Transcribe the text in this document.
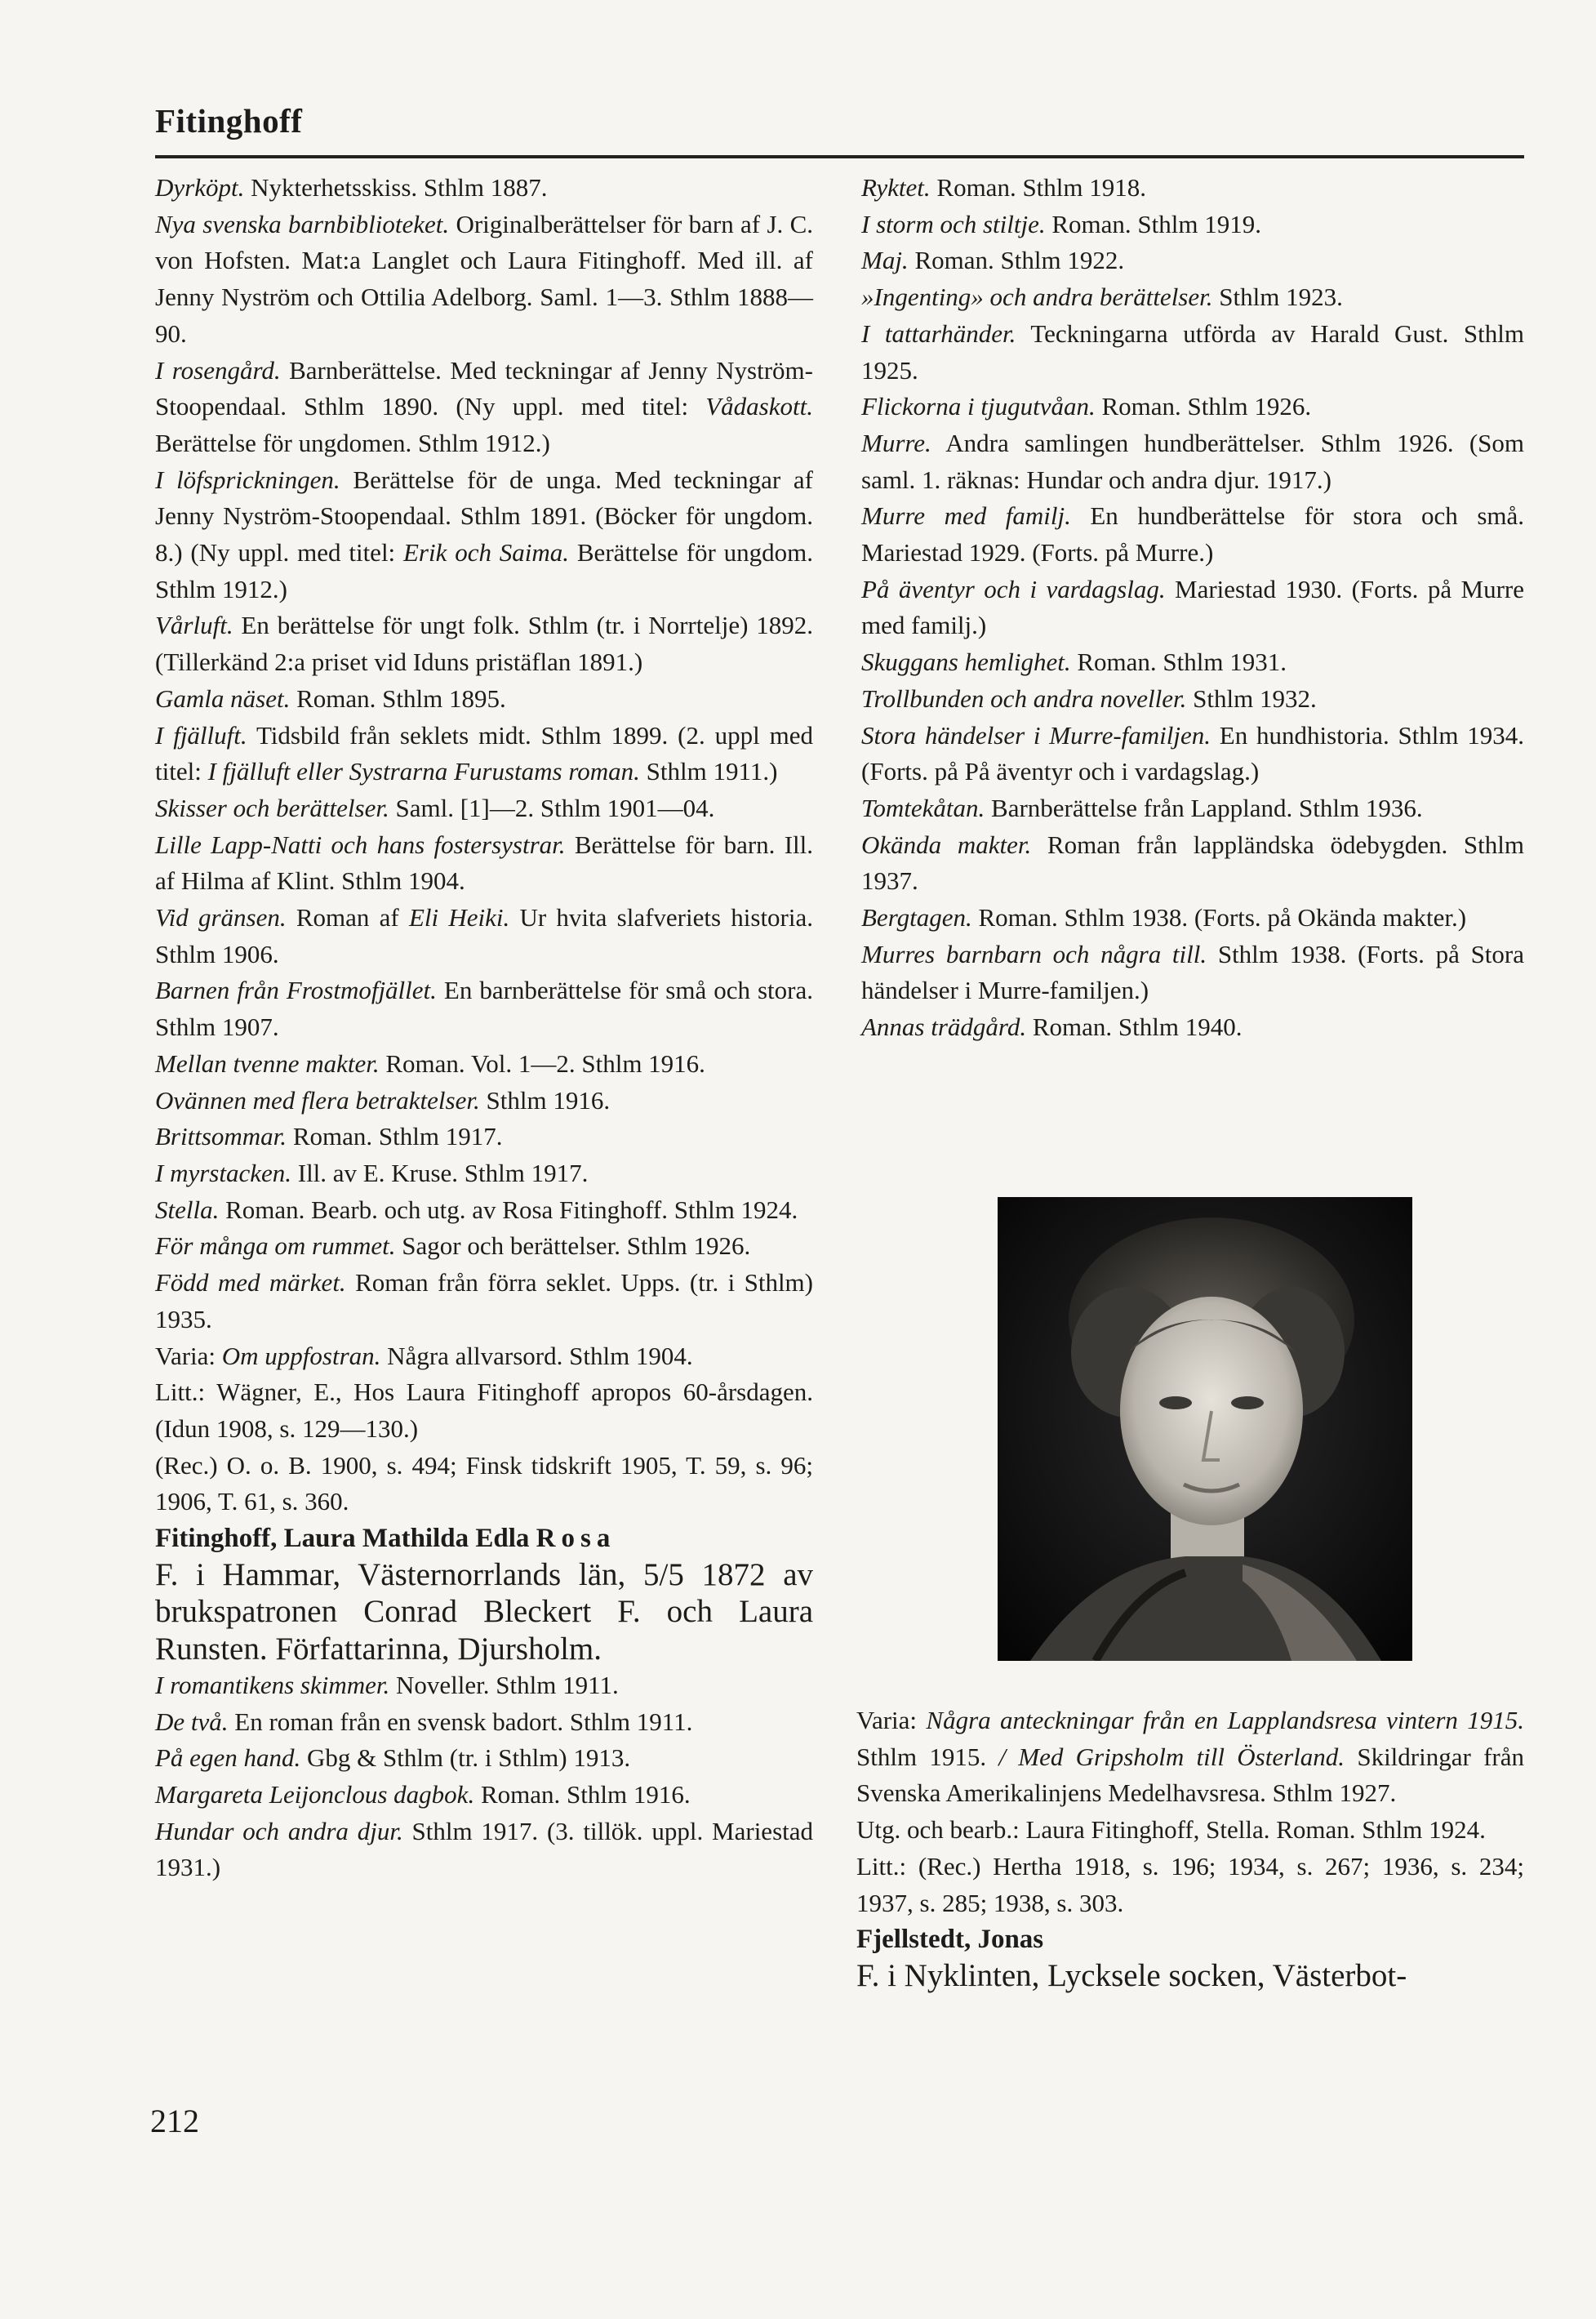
Fitinghoff
Dyrköpt. Nykterhetsskiss. Sthlm 1887.
Nya svenska barnbiblioteket. Originalberättelser för barn af J. C. von Hofsten. Mat:a Langlet och Laura Fitinghoff. Med ill. af Jenny Nyström och Ottilia Adelborg. Saml. 1—3. Sthlm 1888—90.
I rosengård. Barnberättelse. Med teckningar af Jenny Nyström-Stoopendaal. Sthlm 1890. (Ny uppl. med titel: Vådaskott. Berättelse för ungdomen. Sthlm 1912.)
I löfsprickningen. Berättelse för de unga. Med teckningar af Jenny Nyström-Stoopendaal. Sthlm 1891. (Böcker för ungdom. 8.) (Ny uppl. med titel: Erik och Saima. Berättelse för ungdom. Sthlm 1912.)
Vårluft. En berättelse för ungt folk. Sthlm (tr. i Norrtelje) 1892. (Tillerkänd 2:a priset vid Iduns pristäflan 1891.)
Gamla näset. Roman. Sthlm 1895.
I fjälluft. Tidsbild från seklets midt. Sthlm 1899. (2. uppl med titel: I fjälluft eller Systrarna Furustams roman. Sthlm 1911.)
Skisser och berättelser. Saml. [1]—2. Sthlm 1901—04.
Lille Lapp-Natti och hans fostersystrar. Berättelse för barn. Ill. af Hilma af Klint. Sthlm 1904.
Vid gränsen. Roman af Eli Heiki. Ur hvita slafveriets historia. Sthlm 1906.
Barnen från Frostmofjället. En barnberättelse för små och stora. Sthlm 1907.
Mellan tvenne makter. Roman. Vol. 1—2. Sthlm 1916.
Ovännen med flera betraktelser. Sthlm 1916.
Brittsommar. Roman. Sthlm 1917.
I myrstacken. Ill. av E. Kruse. Sthlm 1917.
Stella. Roman. Bearb. och utg. av Rosa Fitinghoff. Sthlm 1924.
För många om rummet. Sagor och berättelser. Sthlm 1926.
Född med märket. Roman från förra seklet. Upps. (tr. i Sthlm) 1935.
Varia: Om uppfostran. Några allvarsord. Sthlm 1904.
Litt.: Wägner, E., Hos Laura Fitinghoff apropos 60-årsdagen. (Idun 1908, s. 129—130.)
(Rec.) O. o. B. 1900, s. 494; Finsk tidskrift 1905, T. 59, s. 96; 1906, T. 61, s. 360.
Fitinghoff, Laura Mathilda Edla Rosa
F. i Hammar, Västernorrlands län, 5/5 1872 av brukspatronen Conrad Bleckert F. och Laura Runsten. Författarinna, Djursholm.
I romantikens skimmer. Noveller. Sthlm 1911.
De två. En roman från en svensk badort. Sthlm 1911.
På egen hand. Gbg & Sthlm (tr. i Sthlm) 1913.
Margareta Leijonclous dagbok. Roman. Sthlm 1916.
Hundar och andra djur. Sthlm 1917. (3. tillök. uppl. Mariestad 1931.)
Ryktet. Roman. Sthlm 1918.
I storm och stiltje. Roman. Sthlm 1919.
Maj. Roman. Sthlm 1922.
»Ingenting» och andra berättelser. Sthlm 1923.
I tattarhänder. Teckningarna utförda av Harald Gust. Sthlm 1925.
Flickorna i tjugutvåan. Roman. Sthlm 1926.
Murre. Andra samlingen hundberättelser. Sthlm 1926. (Som saml. 1. räknas: Hundar och andra djur. 1917.)
Murre med familj. En hundberättelse för stora och små. Mariestad 1929. (Forts. på Murre.)
På äventyr och i vardagslag. Mariestad 1930. (Forts. på Murre med familj.)
Skuggans hemlighet. Roman. Sthlm 1931.
Trollbunden och andra noveller. Sthlm 1932.
Stora händelser i Murre-familjen. En hundhistoria. Sthlm 1934. (Forts. på På äventyr och i vardagslag.)
Tomtekåtan. Barnberättelse från Lappland. Sthlm 1936.
Okända makter. Roman från lappländska ödebygden. Sthlm 1937.
Bergtagen. Roman. Sthlm 1938. (Forts. på Okända makter.)
Murres barnbarn och några till. Sthlm 1938. (Forts. på Stora händelser i Murre-familjen.)
Annas trädgård. Roman. Sthlm 1940.
Varia: Några anteckningar från en Lapplandsresa vintern 1915. Sthlm 1915. / Med Gripsholm till Österland. Skildringar från Svenska Amerikalinjens Medelhavsresa. Sthlm 1927.
Utg. och bearb.: Laura Fitinghoff, Stella. Roman. Sthlm 1924.
Litt.: (Rec.) Hertha 1918, s. 196; 1934, s. 267; 1936, s. 234; 1937, s. 285; 1938, s. 303.
Fjellstedt, Jonas
F. i Nyklinten, Lycksele socken, Västerbot-
212
